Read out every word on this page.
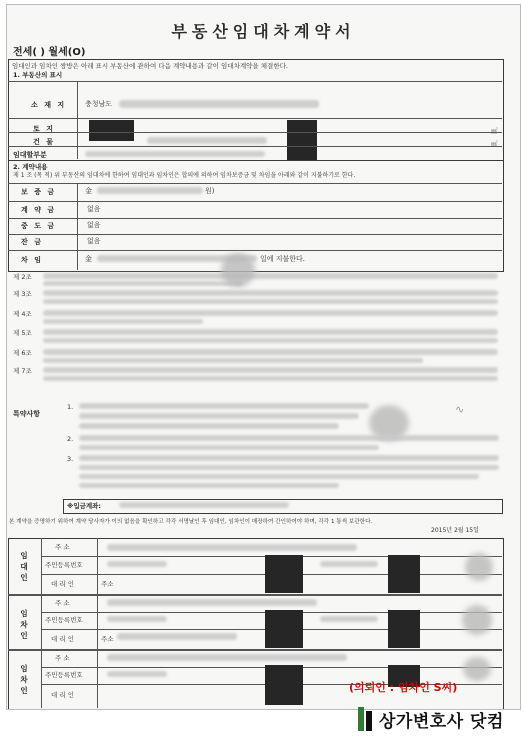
부동산임대차계약서
전세( ) 월세(O)
임대인과 임차인 쌍방은 아래 표시 부동산에 관하여 다음 계약내용과 같이 임대차계약을 체결한다.
1. 부동산의 표시
소 재 지	충청남도
토 지	㎡
건 물	㎡
임대할부분
2. 계약내용
제 1 조 (목 적) 위 부동산의 임대차에 한하여 임대인과 임차인은 합의에 의하여 임차보증금 및 차임을 아래와 같이 지불하기로 한다.
보 증 금	金	원)
계 약 금	없음
중 도 금	없음
잔 금	없음
차 임	金	일에 지불한다.
제 2조
제 3조
제 4조
제 5조
제 6조
제 7조
특약사항
1.	∿
2.
3.
※입금계좌:
본 계약을 증명하기 위하여 계약 당사자가 이의 없음을 확인하고 각각 서명날인 후 임대인, 임차인이 매장하여 간인하여야 하며, 각각 1 통씩 보관한다.
2015년 2월 15일
임대인
주 소
주민등록번호
대 리 인	주소
임차인
주 소
주민등록번호
대 리 인	주소
임차인
주 소
주민등록번호
대 리 인
(의뢰인 : 임차인 S씨)
상가변호사 닷컴
